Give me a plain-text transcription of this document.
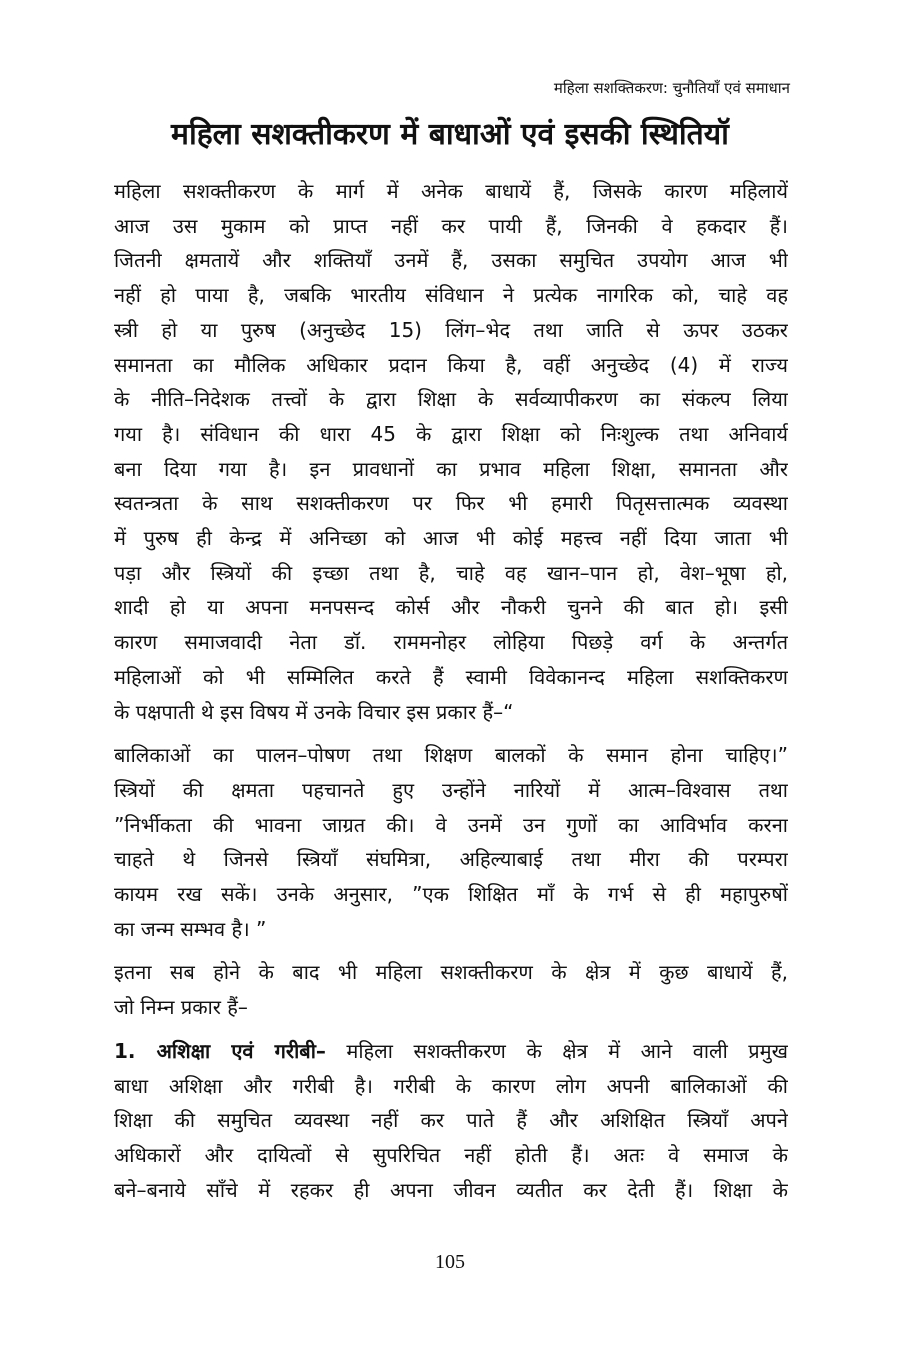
महिला सशक्तिकरण: चुनौतियाँ एवं समाधान
महिला सशक्तीकरण में बाधाओं एवं इसकी स्थितियॉ
महिला सशक्तीकरण के मार्ग में अनेक बाधायें हैं, जिसके कारण महिलायें
आज उस मुकाम को प्राप्त नहीं कर पायी हैं, जिनकी वे हकदार हैं।
जितनी क्षमतायें और शक्तियाँ उनमें हैं, उसका समुचित उपयोग आज भी
नहीं हो पाया है, जबकि भारतीय संविधान ने प्रत्येक नागरिक को, चाहे वह
स्त्री हो या पुरुष (अनुच्छेद 15) लिंग–भेद तथा जाति से ऊपर उठकर
समानता का मौलिक अधिकार प्रदान किया है, वहीं अनुच्छेद (4) में राज्य
के नीति–निदेशक तत्त्वों के द्वारा शिक्षा के सर्वव्यापीकरण का संकल्प लिया
गया है। संविधान की धारा 45 के द्वारा शिक्षा को निःशुल्क तथा अनिवार्य
बना दिया गया है। इन प्रावधानों का प्रभाव महिला शिक्षा, समानता और
स्वतन्त्रता के साथ सशक्तीकरण पर फिर भी हमारी पितृसत्तात्मक व्यवस्था
में पुरुष ही केन्द्र में अनिच्छा को आज भी कोई महत्त्व नहीं दिया जाता भी
पड़ा और स्त्रियों की इच्छा तथा है, चाहे वह खान–पान हो, वेश–भूषा हो,
शादी हो या अपना मनपसन्द कोर्स और नौकरी चुनने की बात हो। इसी
कारण समाजवादी नेता डॉ. राममनोहर लोहिया पिछड़े वर्ग के अन्तर्गत
महिलाओं को भी सम्मिलित करते हैं स्वामी विवेकानन्द महिला सशक्तिकरण
के पक्षपाती थे इस विषय में उनके विचार इस प्रकार हैं–“
बालिकाओं का पालन–पोषण तथा शिक्षण बालकों के समान होना चाहिए।”
स्त्रियों की क्षमता पहचानते हुए उन्होंने नारियों में आत्म–विश्वास तथा
”निर्भीकता की भावना जाग्रत की। वे उनमें उन गुणों का आविर्भाव करना
चाहते थे जिनसे स्त्रियाँ संघमित्रा, अहिल्याबाई तथा मीरा की परम्परा
कायम रख सकें। उनके अनुसार, ”एक शिक्षित माँ के गर्भ से ही महापुरुषों
का जन्म सम्भव है। ”
इतना सब होने के बाद भी महिला सशक्तीकरण के क्षेत्र में कुछ बाधायें हैं,
जो निम्न प्रकार हैं–
1. अशिक्षा एवं गरीबी– महिला सशक्तीकरण के क्षेत्र में आने वाली प्रमुख
बाधा अशिक्षा और गरीबी है। गरीबी के कारण लोग अपनी बालिकाओं की
शिक्षा की समुचित व्यवस्था नहीं कर पाते हैं और अशिक्षित स्त्रियाँ अपने
अधिकारों और दायित्वों से सुपरिचित नहीं होती हैं। अतः वे समाज के
बने–बनाये साँचे में रहकर ही अपना जीवन व्यतीत कर देती हैं। शिक्षा के
105
